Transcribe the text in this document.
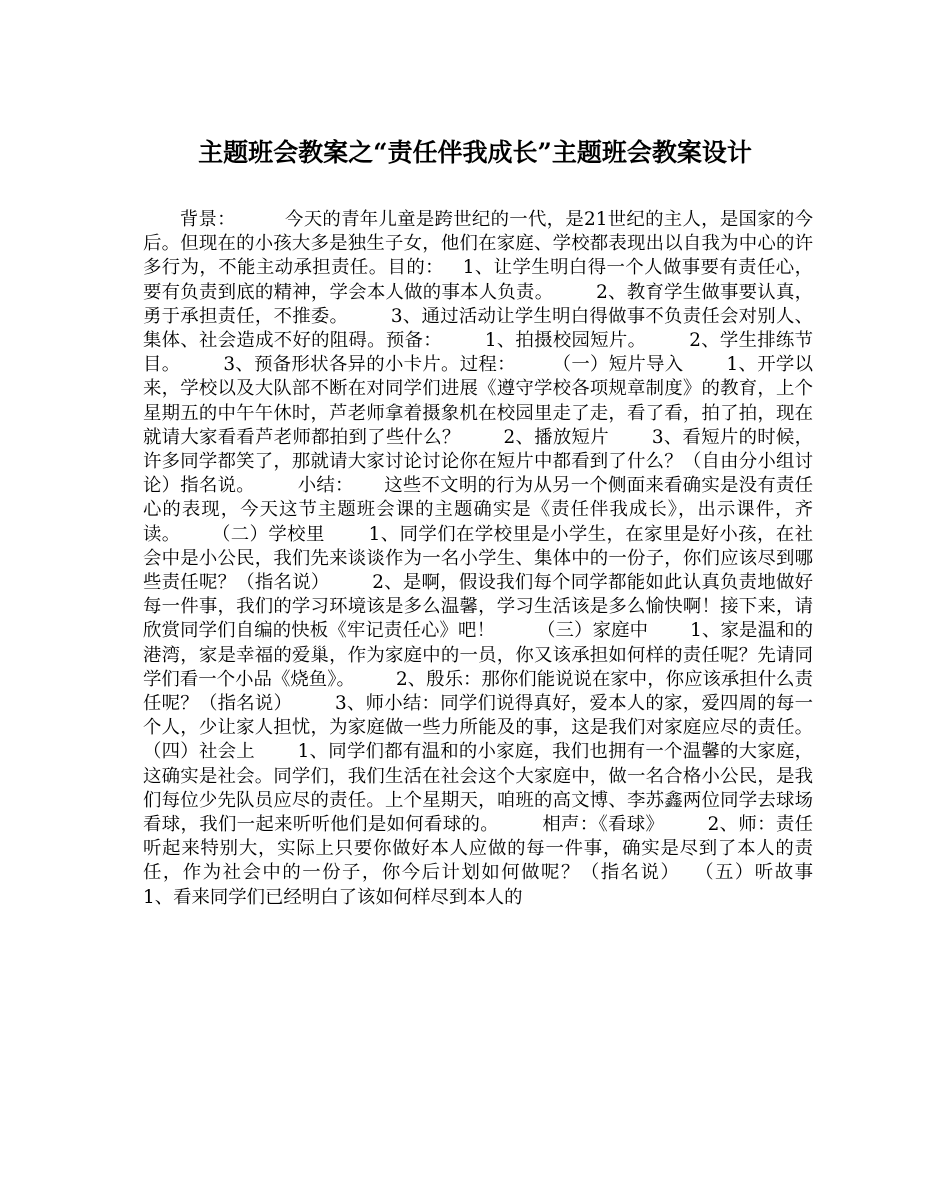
主题班会教案之“责任伴我成长”主题班会教案设计
背景：        今天的青年儿童是跨世纪的一代，是21世纪的主人，是国家的今后。但现在的小孩大多是独生子女，他们在家庭、学校都表现出以自我为中心的许多行为，不能主动承担责任。目的：   1、让学生明白得一个人做事要有责任心，要有负责到底的精神，学会本人做的事本人负责。       2、教育学生做事要认真，勇于承担责任，不推委。       3、通过活动让学生明白得做事不负责任会对别人、集体、社会造成不好的阻碍。预备：       1、拍摄校园短片。       2、学生排练节目。       3、预备形状各异的小卡片。过程：      （一）短片导入       1、开学以来，学校以及大队部不断在对同学们进展《遵守学校各项规章制度》的教育，上个星期五的中午午休时，芦老师拿着摄象机在校园里走了走，看了看，拍了拍，现在就请大家看看芦老师都拍到了些什么？       2、播放短片       3、看短片的时候，许多同学都笑了，那就请大家讨论讨论你在短片中都看到了什么？（自由分小组讨论）指名说。       小结：     这些不文明的行为从另一个侧面来看确实是没有责任心的表现，今天这节主题班会课的主题确实是《责任伴我成长》，出示课件，齐读。     （二）学校里       1、同学们在学校里是小学生，在家里是好小孩，在社会中是小公民，我们先来谈谈作为一名小学生、集体中的一份子，你们应该尽到哪些责任呢？（指名说）       2、是啊，假设我们每个同学都能如此认真负责地做好每一件事，我们的学习环境该是多么温馨，学习生活该是多么愉快啊！接下来，请欣赏同学们自编的快板《牢记责任心》吧！       （三）家庭中       1、家是温和的港湾，家是幸福的爱巢，作为家庭中的一员，你又该承担如何样的责任呢？先请同学们看一个小品《烧鱼》。       2、殷乐：那你们能说说在家中，你应该承担什么责任呢？（指名说）       3、师小结：同学们说得真好，爱本人的家，爱四周的每一个人，少让家人担忧，为家庭做一些力所能及的事，这是我们对家庭应尽的责任。  （四）社会上       1、同学们都有温和的小家庭，我们也拥有一个温馨的大家庭，这确实是社会。同学们，我们生活在社会这个大家庭中，做一名合格小公民，是我们每位少先队员应尽的责任。上个星期天，咱班的高文博、李苏鑫两位同学去球场看球，我们一起来听听他们是如何看球的。       相声：《看球》       2、师：责任听起来特别大，实际上只要你做好本人应做的每一件事，确实是尽到了本人的责任，作为社会中的一份子，你今后计划如何做呢？（指名说）  （五）听故事       1、看来同学们已经明白了该如何样尽到本人的
